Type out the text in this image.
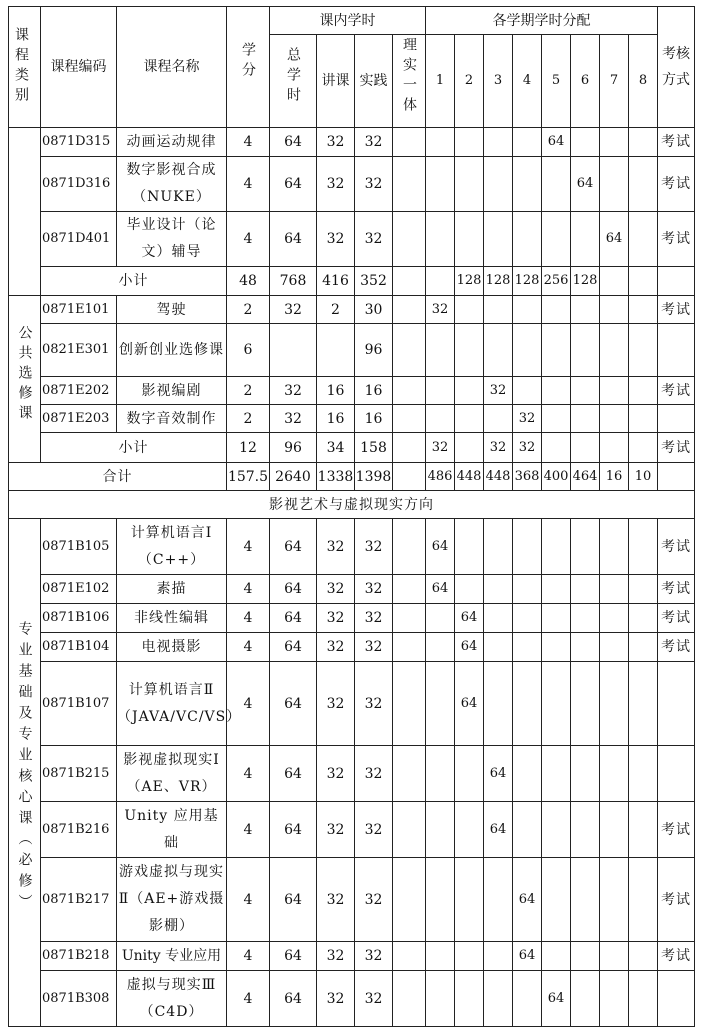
课程类别	课程编码	课程名称	学分	课内学时				各学期学时分配								考核方式

				总学时	讲课	实践	理实一体	1	2	3	4	5	6	7	8	
	0871D315	动画运动规律	4	64	32	32						64				考试
	0871D316	数字影视合成（NUKE）	4	64	32	32							64			考试
	0871D401	毕业设计（论文）辅导	4	64	32	32								64		考试
	小计		48	768	416	352			128	128	128	256	128			
公共选修课	0871E101	驾驶	2	32	2	30		32								考试
	0821E301	创新创业选修课	6			96										
	0871E202	影视编剧	2	32	16	16				32						考试
	0871E203	数字音效制作	2	32	16	16					32					
	小计		12	96	34	158		32		32	32					考试
合计			157.5	2640	1338	1398		486	448	448	368	400	464	16	10	
影视艺术与虚拟现实方向																
专业基础及专业核心课（必修）	0871B105	计算机语言Ⅰ（C++）	4	64	32	32		64								考试
	0871E102	素描	4	64	32	32		64								考试
	0871B106	非线性编辑	4	64	32	32			64							考试
	0871B104	电视摄影	4	64	32	32			64							考试
	0871B107	计算机语言Ⅱ（JAVA/VC/VS）	4	64	32	32			64							
	0871B215	影视虚拟现实Ⅰ（AE、VR）	4	64	32	32				64						
	0871B216	Unity 应用基础	4	64	32	32				64						考试
	0871B217	游戏虚拟与现实Ⅱ（AE+游戏摄影棚）	4	64	32	32					64					考试
	0871B218	Unity 专业应用	4	64	32	32					64					考试
	0871B308	虚拟与现实Ⅲ（C4D）	4	64	32	32						64				
